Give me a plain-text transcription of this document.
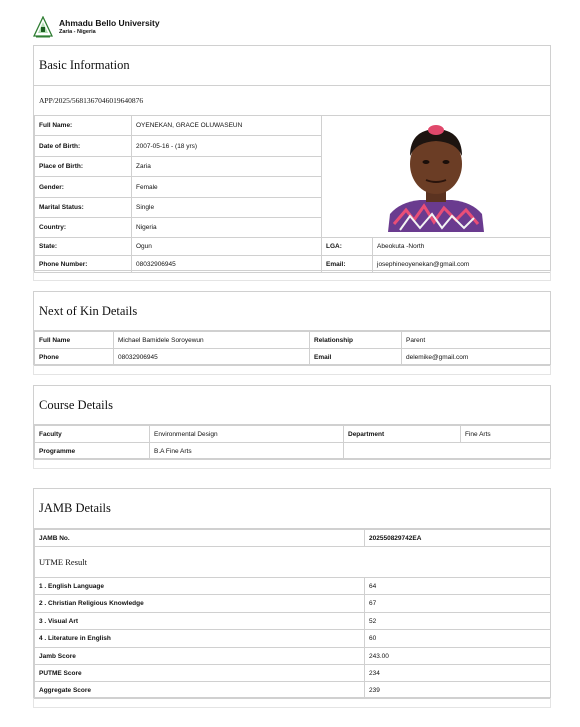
Ahmadu Bello University
Zaria - Nigeria
Basic Information
APP/2025/5681367046019640876
Full Name:	OYENEKAN, GRACE OLUWASEUN	
Date of Birth:	2007-05-16 - (18 yrs)		
Place of Birth:	Zaria		
Gender:	Female		
Marital Status:	Single		
Country:	Nigeria		
State:	Ogun	LGA:	Abeokuta -North
Phone Number:	08032906945	Email:	josephineoyenekan@gmail.com
Next of Kin Details
Full Name	Michael Bamidele Soroyewun	Relationship	Parent
Phone	08032906945	Email	delemike@gmail.com
Course Details
Faculty	Environmental Design	Department	Fine Arts
Programme	B.A Fine Arts		
JAMB Details
JAMB No.	202550829742EA
UTME Result	
1 . English Language	64
2 . Christian Religious Knowledge	67
3 . Visual Art	52
4 . Literature in English	60
Jamb Score	243.00
PUTME Score	234
Aggregate Score	239
